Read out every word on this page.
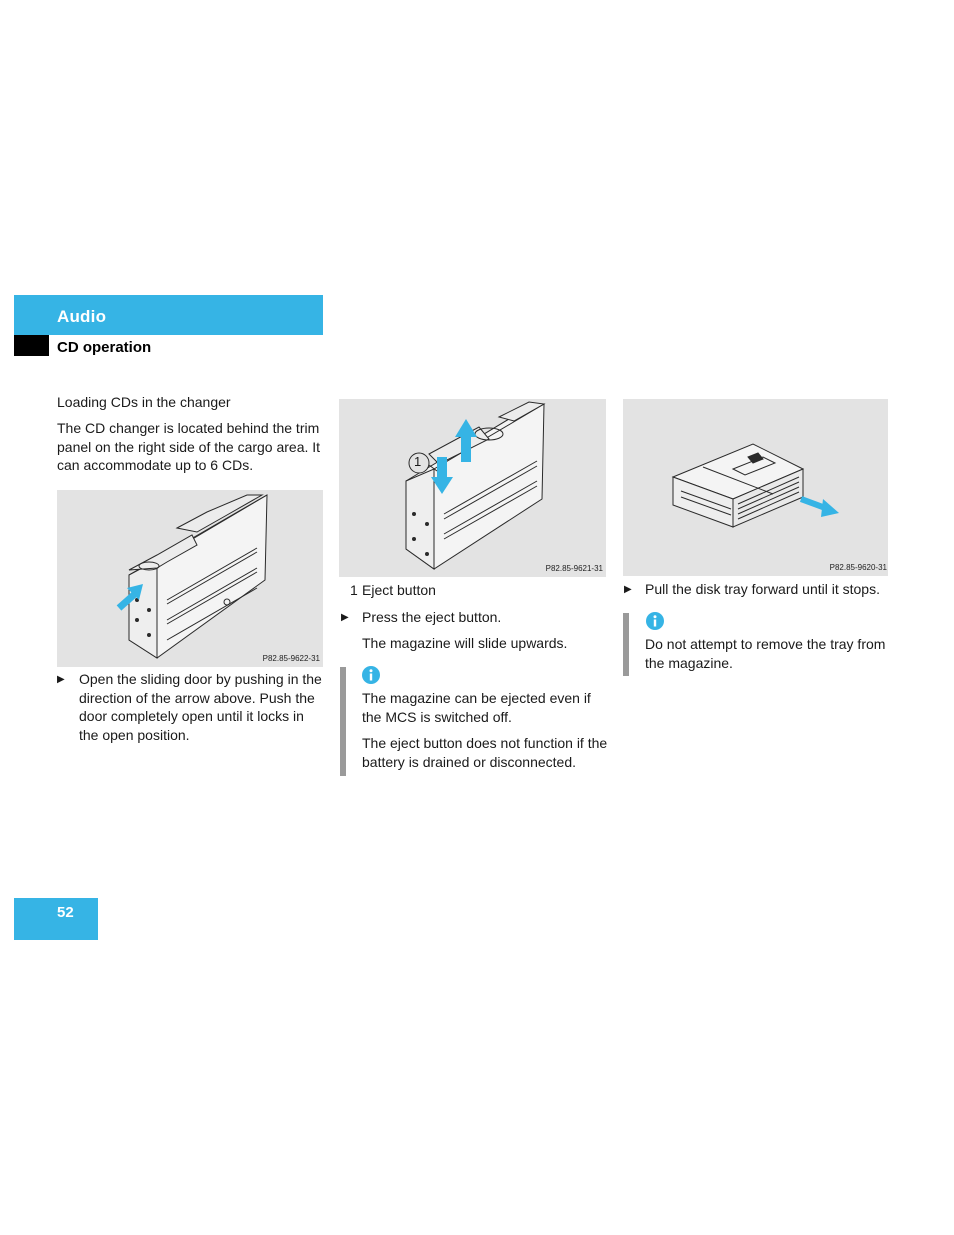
Audio
CD operation
Loading CDs in the changer
The CD changer is located behind the trim panel on the right side of the cargo area. It can accommodate up to 6 CDs.
P82.85-9622-31
▶ Open the sliding door by pushing in the direction of the arrow above. Push the door completely open until it locks in the open position.
1
P82.85-9621-31
1 Eject button
▶ Press the eject button.
The magazine will slide upwards.
The magazine can be ejected even if the MCS is switched off.
The eject button does not function if the battery is drained or disconnected.
P82.85-9620-31
▶ Pull the disk tray forward until it stops.
Do not attempt to remove the tray from the magazine.
52
